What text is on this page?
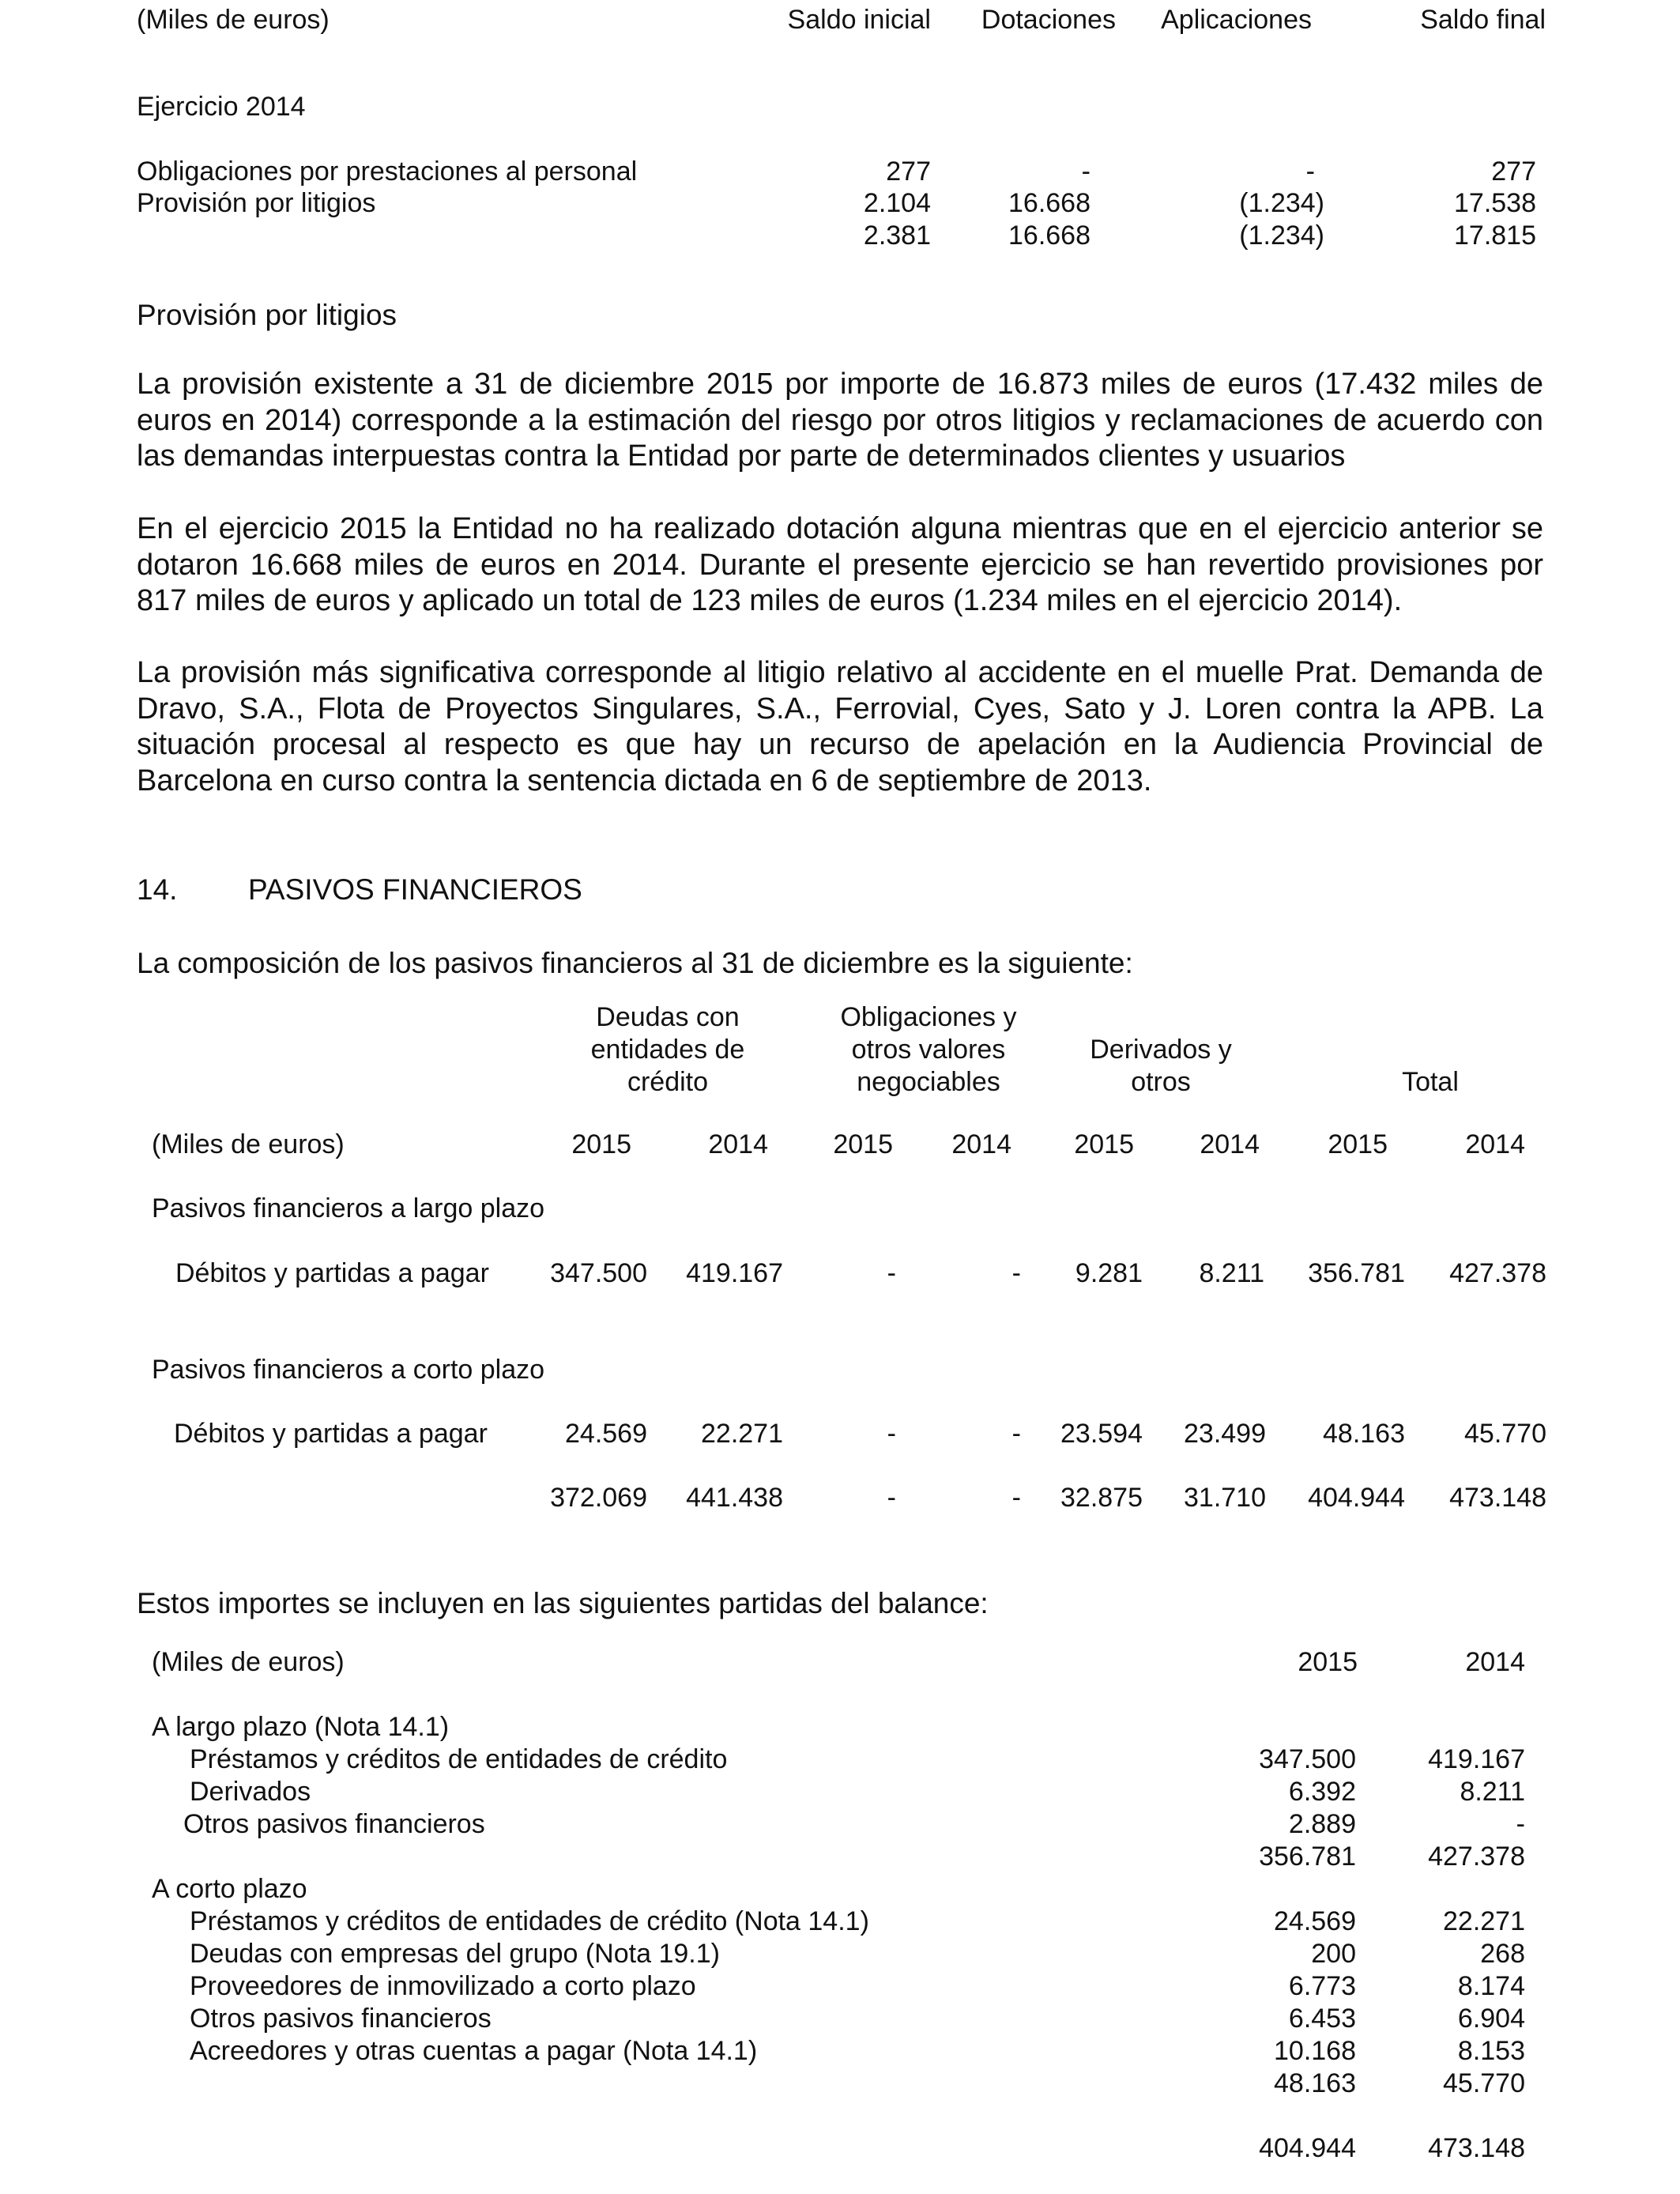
(Miles de euros)	Saldo inicial Dotaciones Aplicaciones	Saldo final
Ejercicio 2014
Obligaciones por prestaciones al personal	277	-	-	277
Provisión por litigios	2.104	16.668	(1.234)	17.538
2.381	16.668	(1.234)	17.815
Provisión por litigios
La provisión existente a 31 de diciembre 2015 por importe de 16.873 miles de euros (17.432 miles de euros en 2014) corresponde a la estimación del riesgo por otros litigios y reclamaciones de acuerdo con las demandas interpuestas contra la Entidad por parte de determinados clientes y usuarios
En el ejercicio 2015 la Entidad no ha realizado dotación alguna mientras que en el ejercicio anterior se dotaron 16.668 miles de euros en 2014. Durante el presente ejercicio se han revertido provisiones por 817 miles de euros y aplicado un total de 123 miles de euros (1.234 miles en el ejercicio 2014).
La provisión más significativa corresponde al litigio relativo al accidente en el muelle Prat. Demanda de Dravo, S.A., Flota de Proyectos Singulares, S.A., Ferrovial, Cyes, Sato y J. Loren contra la APB. La situación procesal al respecto es que hay un recurso de apelación en la Audiencia Provincial de Barcelona en curso contra la sentencia dictada en 6 de septiembre de 2013.
14. PASIVOS FINANCIEROS
La composición de los pasivos financieros al 31 de diciembre es la siguiente:
Deudas con entidades de crédito
Obligaciones y otros valores negociables
Derivados y otros	Total
(Miles de euros)	2015	2014 2015 2014 2015 2014	2015	2014
Pasivos financieros a largo plazo
Débitos y partidas a pagar 347.500 419.167	-	- 9.281 8.211 356.781 427.378
Pasivos financieros a corto plazo
Débitos y partidas a pagar	24.569 22.271	-	- 23.594 23.499 48.163 45.770
372.069 441.438	-	- 32.875 31.710 404.944 473.148
Estos importes se incluyen en las siguientes partidas del balance:
(Miles de euros)	2015	2014
A largo plazo (Nota 14.1)
Préstamos y créditos de entidades de crédito	347.500	419.167
Derivados	6.392	8.211
Otros pasivos financieros	2.889	-
356.781	427.378
A corto plazo
Préstamos y créditos de entidades de crédito (Nota 14.1)	24.569	22.271
Deudas con empresas del grupo (Nota 19.1)	200	268
Proveedores de inmovilizado a corto plazo	6.773	8.174
Otros pasivos financieros	6.453	6.904
Acreedores y otras cuentas a pagar (Nota 14.1)	10.168	8.153
48.163	45.770
404.944	473.148
